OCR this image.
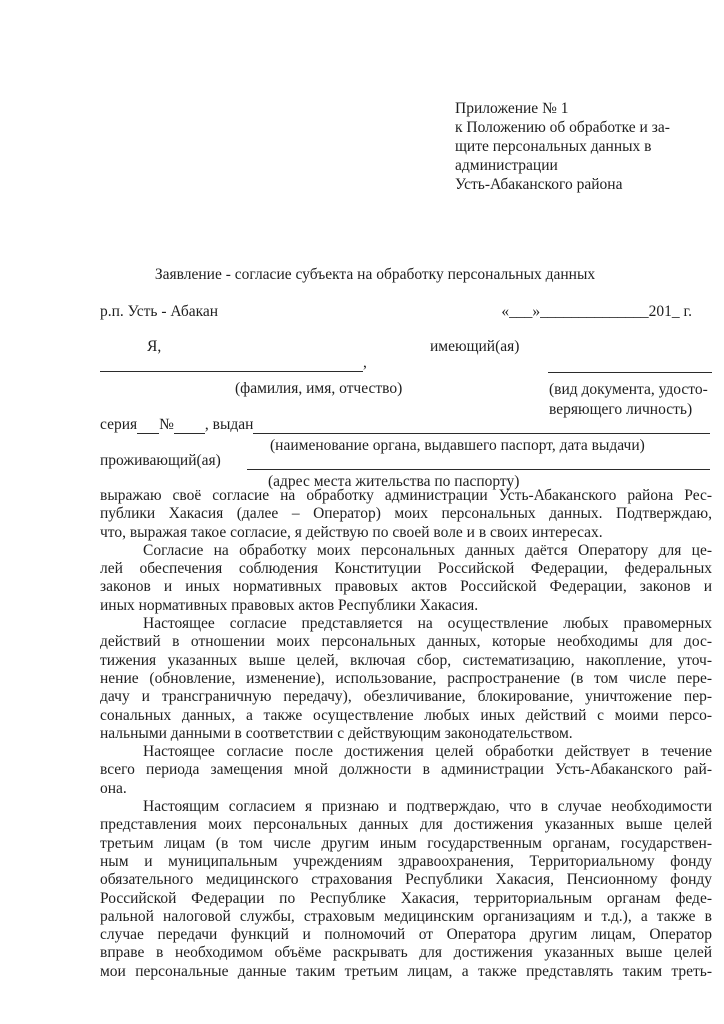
Приложение № 1
к Положению об обработке и за-
щите персональных данных в
администрации
Усть-Абаканского района
Заявление - согласие субъекта на обработку персональных данных
р.п. Усть - Абакан	«___»______________201_ г.
Я,	имеющий(ая)
,
(фамилия, имя, отчество)	(вид документа, удосто-
веряющего личность)
серия № , выдан
(наименование органа, выдавшего паспорт, дата выдачи)
проживающий(ая)
(адрес места жительства по паспорту)
выражаю своё согласие на обработку администрации Усть-Абаканского района Рес-
публики Хакасия (далее – Оператор) моих персональных данных. Подтверждаю,
что, выражая такое согласие, я действую по своей воле и в своих интересах.
Согласие на обработку моих персональных данных даётся Оператору для це-
лей обеспечения соблюдения Конституции Российской Федерации, федеральных
законов и иных нормативных правовых актов Российской Федерации, законов и
иных нормативных правовых актов Республики Хакасия.
Настоящее согласие представляется на осуществление любых правомерных
действий в отношении моих персональных данных, которые необходимы для дос-
тижения указанных выше целей, включая сбор, систематизацию, накопление, уточ-
нение (обновление, изменение), использование, распространение (в том числе пере-
дачу и трансграничную передачу), обезличивание, блокирование, уничтожение пер-
сональных данных, а также осуществление любых иных действий с моими персо-
нальными данными в соответствии с действующим законодательством.
Настоящее согласие после достижения целей обработки действует в течение
всего периода замещения мной должности в администрации Усть-Абаканского рай-
она.
Настоящим согласием я признаю и подтверждаю, что в случае необходимости
представления моих персональных данных для достижения указанных выше целей
третьим лицам (в том числе другим иным государственным органам, государствен-
ным и муниципальным учреждениям здравоохранения, Территориальному фонду
обязательного медицинского страхования Республики Хакасия, Пенсионному фонду
Российской Федерации по Республике Хакасия, территориальным органам феде-
ральной налоговой службы, страховым медицинским организациям и т.д.), а также в
случае передачи функций и полномочий от Оператора другим лицам, Оператор
вправе в необходимом объёме раскрывать для достижения указанных выше целей
мои персональные данные таким третьим лицам, а также представлять таким треть-
